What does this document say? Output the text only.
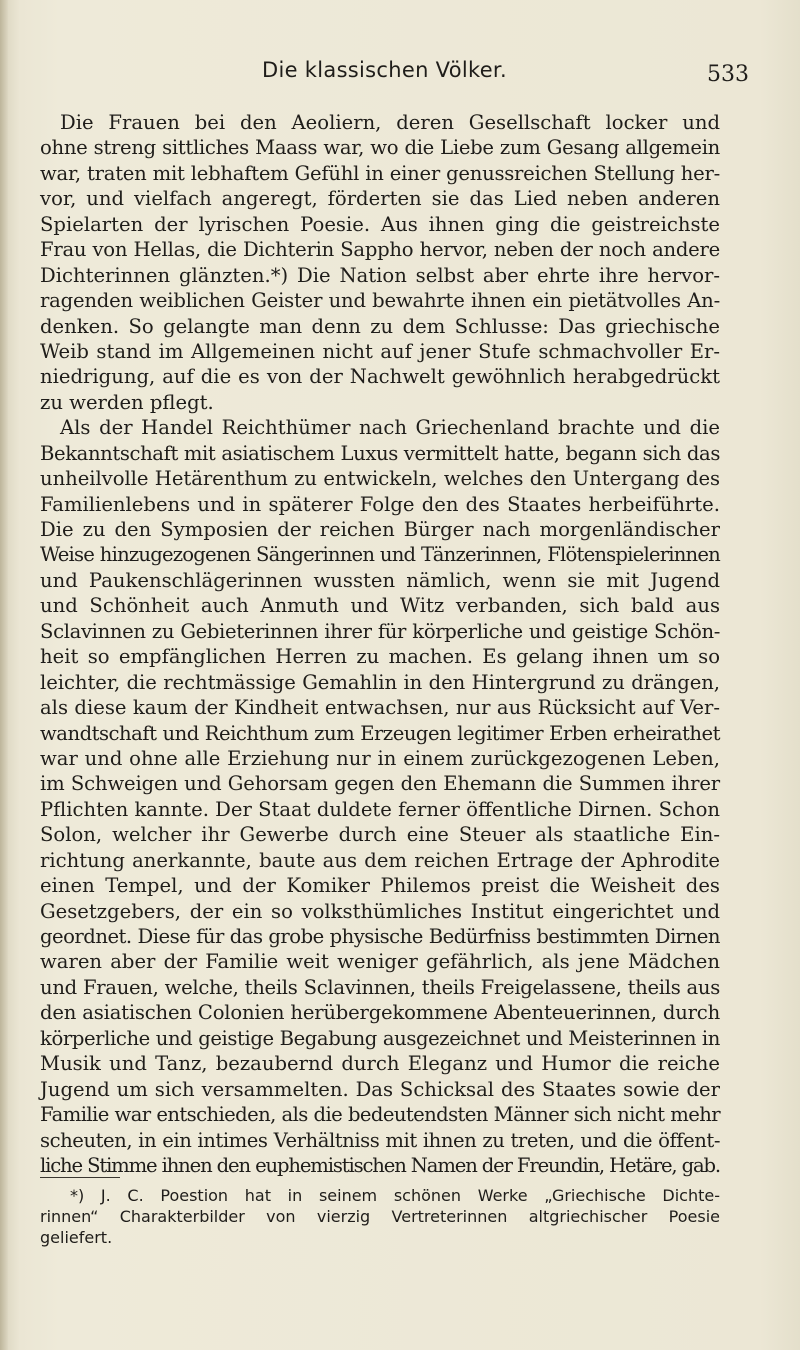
Die klassischen Völker.	533
Die Frauen bei den Aeoliern, deren Gesellschaft locker und
ohne streng sittliches Maass war, wo die Liebe zum Gesang allgemein
war, traten mit lebhaftem Gefühl in einer genussreichen Stellung her-
vor, und vielfach angeregt, förderten sie das Lied neben anderen
Spielarten der lyrischen Poesie. Aus ihnen ging die geistreichste
Frau von Hellas, die Dichterin Sappho hervor, neben der noch andere
Dichterinnen glänzten.*) Die Nation selbst aber ehrte ihre hervor-
ragenden weiblichen Geister und bewahrte ihnen ein pietätvolles An-
denken. So gelangte man denn zu dem Schlusse: Das griechische
Weib stand im Allgemeinen nicht auf jener Stufe schmachvoller Er-
niedrigung, auf die es von der Nachwelt gewöhnlich herabgedrückt
zu werden pflegt.
Als der Handel Reichthümer nach Griechenland brachte und die
Bekanntschaft mit asiatischem Luxus vermittelt hatte, begann sich das
unheilvolle Hetärenthum zu entwickeln, welches den Untergang des
Familienlebens und in späterer Folge den des Staates herbeiführte.
Die zu den Symposien der reichen Bürger nach morgenländischer
Weise hinzugezogenen Sängerinnen und Tänzerinnen, Flötenspielerinnen
und Paukenschlägerinnen wussten nämlich, wenn sie mit Jugend
und Schönheit auch Anmuth und Witz verbanden, sich bald aus
Sclavinnen zu Gebieterinnen ihrer für körperliche und geistige Schön-
heit so empfänglichen Herren zu machen. Es gelang ihnen um so
leichter, die rechtmässige Gemahlin in den Hintergrund zu drängen,
als diese kaum der Kindheit entwachsen, nur aus Rücksicht auf Ver-
wandtschaft und Reichthum zum Erzeugen legitimer Erben erheirathet
war und ohne alle Erziehung nur in einem zurückgezogenen Leben,
im Schweigen und Gehorsam gegen den Ehemann die Summen ihrer
Pflichten kannte. Der Staat duldete ferner öffentliche Dirnen. Schon
Solon, welcher ihr Gewerbe durch eine Steuer als staatliche Ein-
richtung anerkannte, baute aus dem reichen Ertrage der Aphrodite
einen Tempel, und der Komiker Philemos preist die Weisheit des
Gesetzgebers, der ein so volksthümliches Institut eingerichtet und
geordnet. Diese für das grobe physische Bedürfniss bestimmten Dirnen
waren aber der Familie weit weniger gefährlich, als jene Mädchen
und Frauen, welche, theils Sclavinnen, theils Freigelassene, theils aus
den asiatischen Colonien herübergekommene Abenteuerinnen, durch
körperliche und geistige Begabung ausgezeichnet und Meisterinnen in
Musik und Tanz, bezaubernd durch Eleganz und Humor die reiche
Jugend um sich versammelten. Das Schicksal des Staates sowie der
Familie war entschieden, als die bedeutendsten Männer sich nicht mehr
scheuten, in ein intimes Verhältniss mit ihnen zu treten, und die öffent-
liche Stimme ihnen den euphemistischen Namen der Freundin, Hetäre, gab.
*) J. C. Poestion hat in seinem schönen Werke „Griechische Dichte-
rinnen“ Charakterbilder von vierzig Vertreterinnen altgriechischer Poesie
geliefert.
